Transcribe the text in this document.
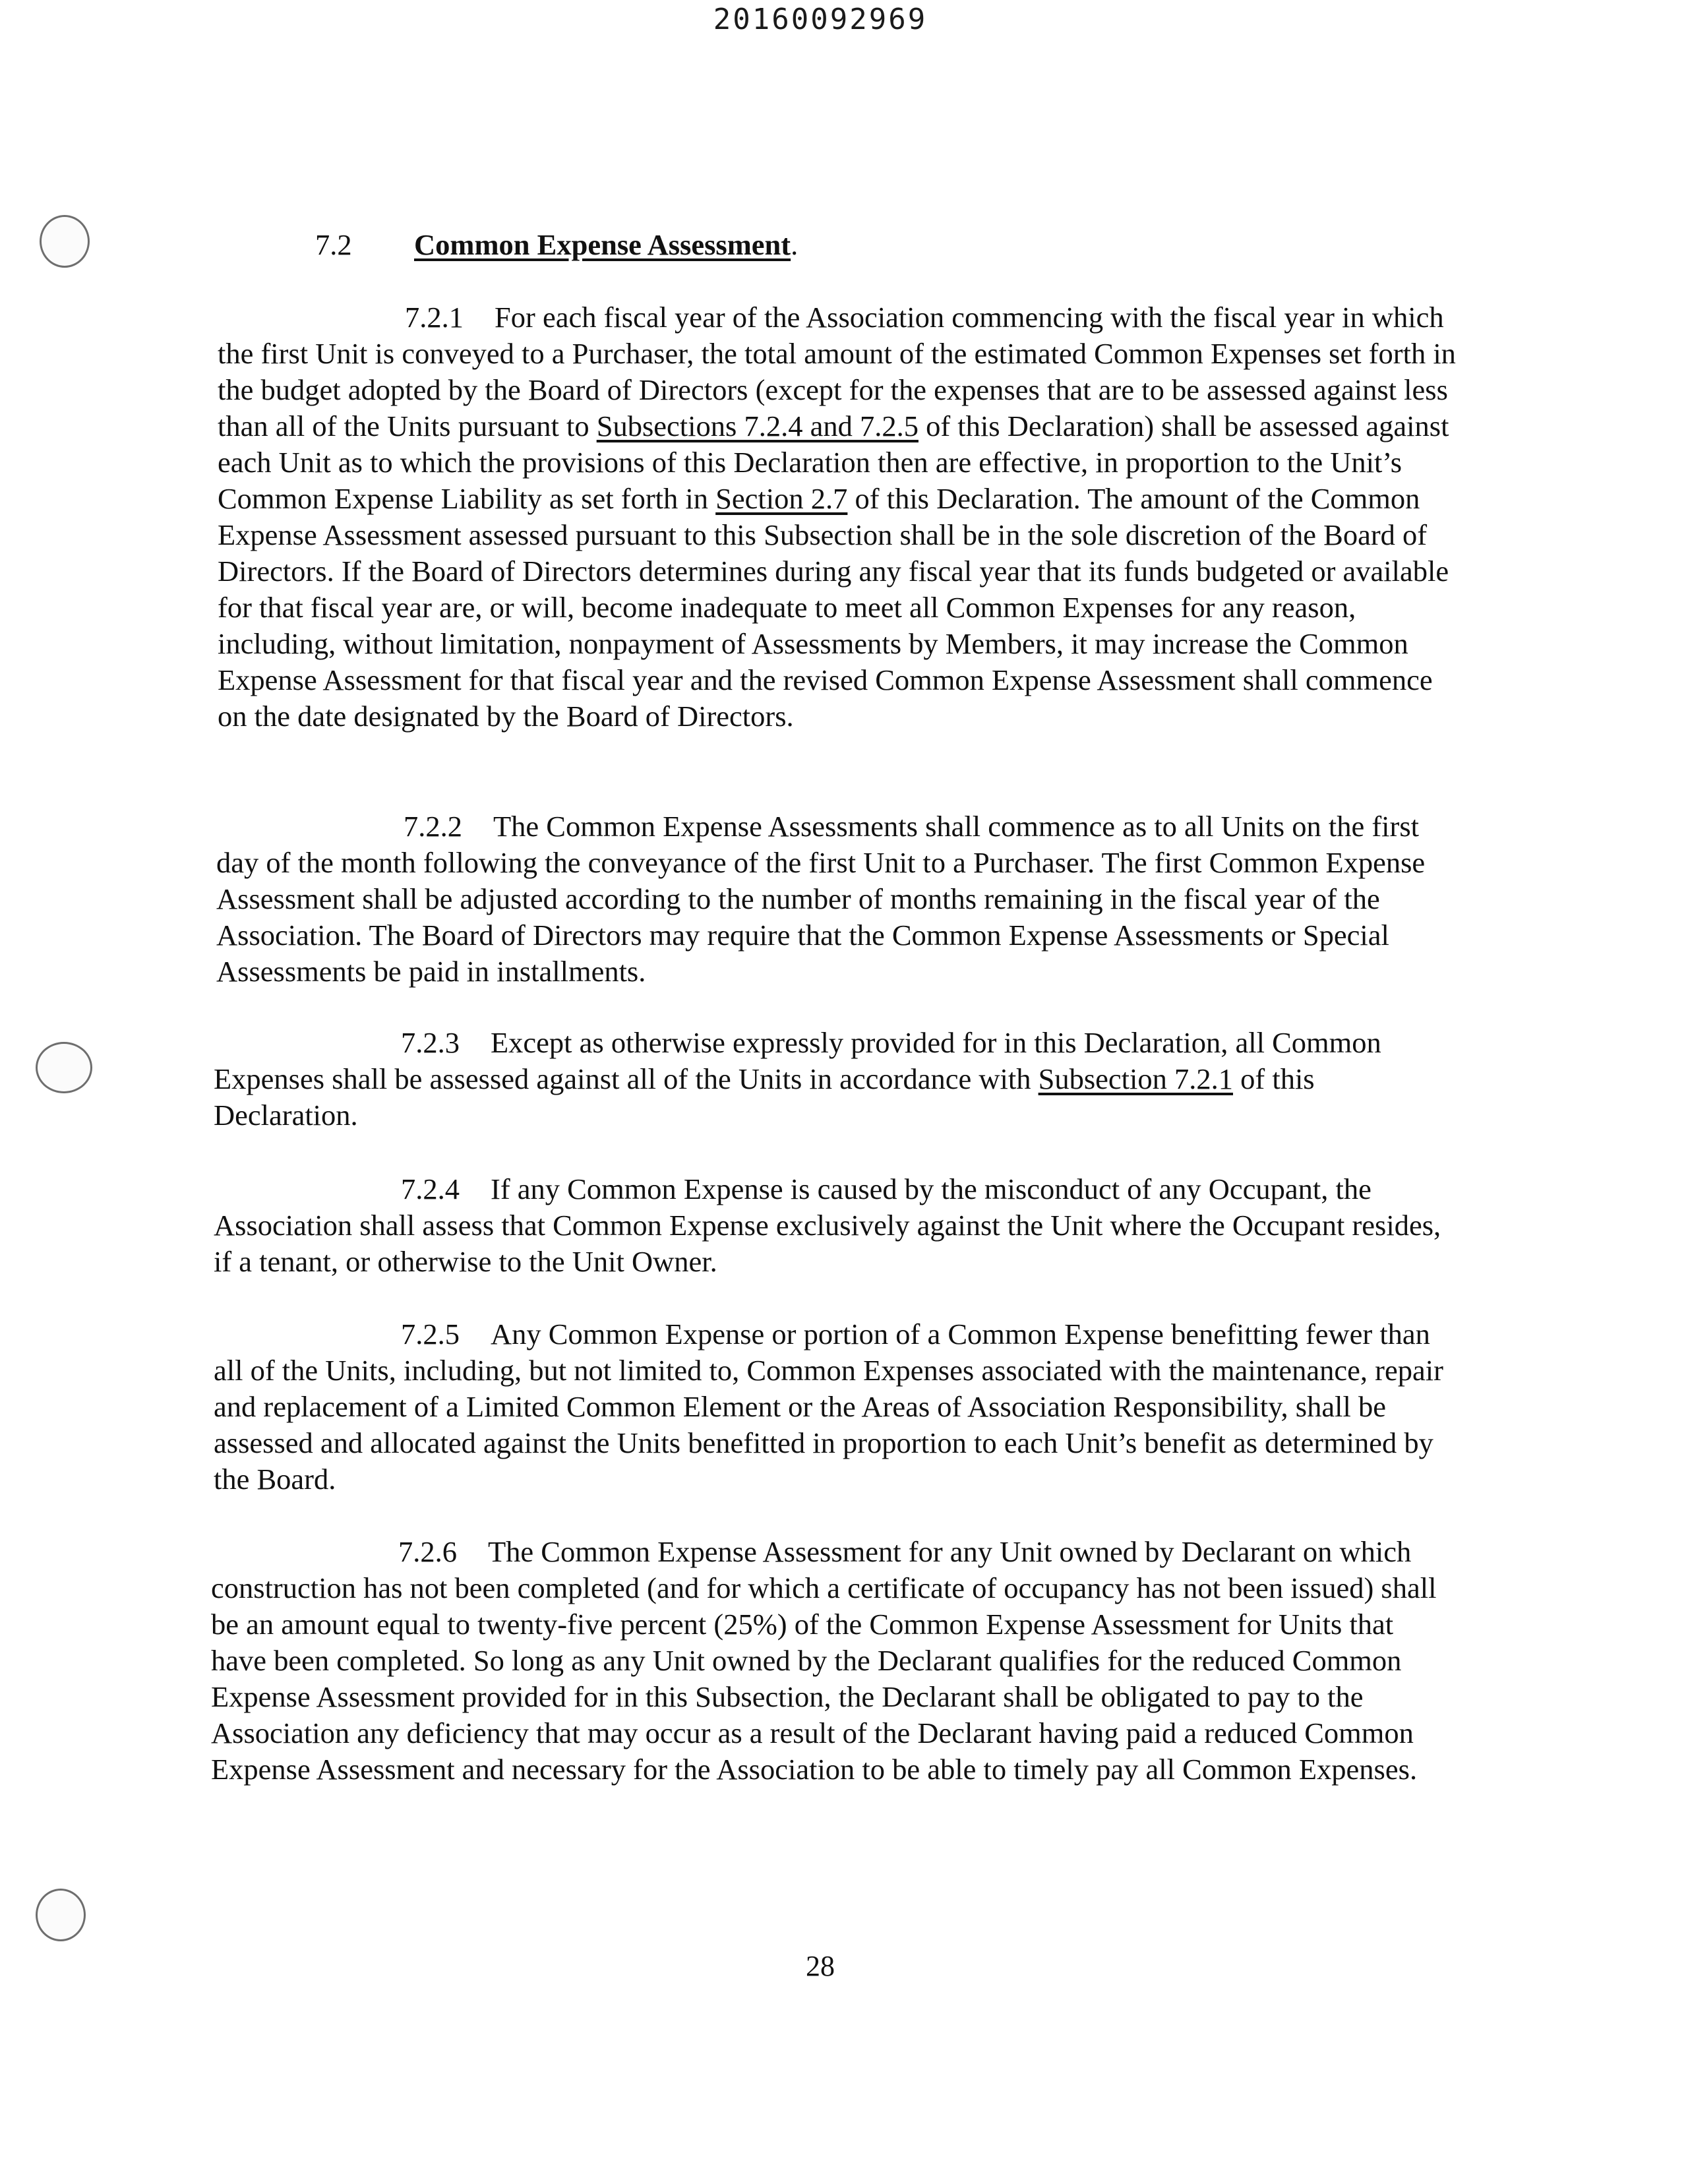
20160092969
7.2 Common Expense Assessment.

7.2.1 For each fiscal year of the Association commencing with the fiscal year in which the first Unit is conveyed to a Purchaser, the total amount of the estimated Common Expenses set forth in the budget adopted by the Board of Directors (except for the expenses that are to be assessed against less than all of the Units pursuant to Subsections 7.2.4 and 7.2.5 of this Declaration) shall be assessed against each Unit as to which the provisions of this Declaration then are effective, in proportion to the Unit’s Common Expense Liability as set forth in Section 2.7 of this Declaration. The amount of the Common Expense Assessment assessed pursuant to this Subsection shall be in the sole discretion of the Board of Directors. If the Board of Directors determines during any fiscal year that its funds budgeted or available for that fiscal year are, or will, become inadequate to meet all Common Expenses for any reason, including, without limitation, nonpayment of Assessments by Members, it may increase the Common Expense Assessment for that fiscal year and the revised Common Expense Assessment shall commence on the date designated by the Board of Directors.

7.2.2 The Common Expense Assessments shall commence as to all Units on the first day of the month following the conveyance of the first Unit to a Purchaser. The first Common Expense Assessment shall be adjusted according to the number of months remaining in the fiscal year of the Association. The Board of Directors may require that the Common Expense Assessments or Special Assessments be paid in installments.

7.2.3 Except as otherwise expressly provided for in this Declaration, all Common Expenses shall be assessed against all of the Units in accordance with Subsection 7.2.1 of this Declaration.

7.2.4 If any Common Expense is caused by the misconduct of any Occupant, the Association shall assess that Common Expense exclusively against the Unit where the Occupant resides, if a tenant, or otherwise to the Unit Owner.

7.2.5 Any Common Expense or portion of a Common Expense benefitting fewer than all of the Units, including, but not limited to, Common Expenses associated with the maintenance, repair and replacement of a Limited Common Element or the Areas of Association Responsibility, shall be assessed and allocated against the Units benefitted in proportion to each Unit’s benefit as determined by the Board.

7.2.6 The Common Expense Assessment for any Unit owned by Declarant on which construction has not been completed (and for which a certificate of occupancy has not been issued) shall be an amount equal to twenty-five percent (25%) of the Common Expense Assessment for Units that have been completed. So long as any Unit owned by the Declarant qualifies for the reduced Common Expense Assessment provided for in this Subsection, the Declarant shall be obligated to pay to the Association any deficiency that may occur as a result of the Declarant having paid a reduced Common Expense Assessment and necessary for the Association to be able to timely pay all Common Expenses.

28
